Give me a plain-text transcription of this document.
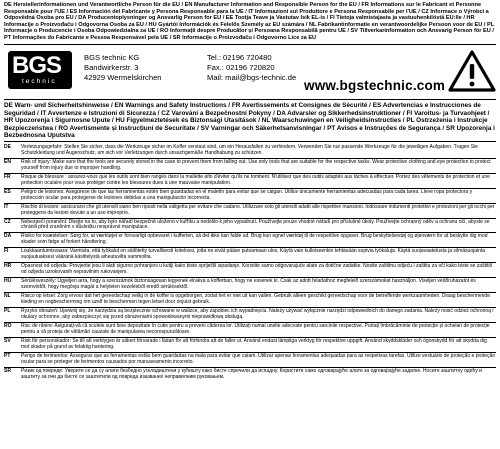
DE Herstellerinformationen und Verantwortliche Person für die EU / EN Manufacturer Information and Responsible Person for the EU / FR Informations sur le Fabricant et Personne Responsable pour l'UE / ES Información del Fabricante y Persona Responsable para la UE / IT Informazioni sul Produttore e Persona Responsabile per l'UE / CZ Informace o Výrobci a Odpovědná Osoba pro EU / DA Producentoplysninger og Ansvarlig Person for EU / EE Tootja Teave ja Vastutav Isik EL-is / FI Tietoja valmistajasta ja vastuuhenkilöstä EU:lle / HR Informacije o Proizvođaču i Odgovorna Osoba za EU / HU Gyártói Információk és Felelős Személy az EU számára / NL Fabrikantinformatie en verantwoordelijke Persoon voor de EU / PL Informacje o Producencie i Osoba Odpowiedzialna za UE / RO Informații despre Producător și Persoana Responsabilă pentru UE / SV Tillverkarinformation och Ansvarig Person för EU / PT Informações do Fabricante e Pessoa Responsável pela UE / SR Informacije o Proizvođaču i Odgovorno Lice za EU
BGS
technic
BGS technic KG
Bandwirkerstr. 3
42929 Wermelskirchen
Tel.: 02196 720480
Fax.: 02196 720820
Mail: mail@bgs-technic.de
www.bgstechnic.com
DE Warn- und Sicherheitshinweise / EN Warnings and Safety Instructions / FR Avertissements et Consignes de Sécurité / ES Advertencias e Instrucciones de Seguridad / IT Avvertenze e Istruzioni di Sicurezza / CZ Varování a Bezpečnostní Pokyny / DA Advarsler og Sikkerhedsinstruktioner / FI Varoitus- ja Turvaohjeet / HR Upozorenja i Sigurnosne Upute / HU Figyelmeztetések és Biztonsági Utasítások / NL Waarschuwingen en Veiligheidsinstructies / PL Ostrzeżenia i Instrukcje Bezpieczeństwa / RO Avertismente și Instrucțiuni de Securitate / SV Varningar och Säkerhetsanvisningar / PT Avisos e Instruções de Segurança / SR Upozorenja i Bezbednosna Uputstva
DE	Verletzungsgefahr: Stellen Sie sicher, dass die Werkzeuge sicher im Koffer verstaut sind, um ein Herausfallen zu verhindern. Verwenden Sie nur passende Werkzeuge für die jeweiligen Aufgaben. Tragen Sie Schutzkleidung und Augenschutz, um sich vor Verletzungen durch unsachgemäße Handhabung zu schützen.
EN	Risk of injury: Make sure that the tools are securely stored in the case to prevent them from falling out. Use only tools that are suitable for the respective tasks. Wear protective clothing and eye protection to protect yourself from injury due to improper handling.
FR	Risque de blessure : assurez-vous que les outils sont bien rangés dans la mallette afin d'éviter qu'ils ne tombent. N'utilisez que des outils adaptés aux tâches à effectuer. Portez des vêtements de protection et une protection oculaire pour vous protéger contre les blessures dues à une mauvaise manipulation.
ES	Peligro de lesiones: Asegúrese de que las herramientas estén bien guardadas en el maletín para evitar que se caigan. Utilice únicamente herramientas adecuadas para cada tarea. Lleve ropa protectora y protección ocular para protegerse de lesiones debidas a una manipulación incorrecta.
IT	Rischio di lesioni: assicurarsi che gli utensili siano ben riposti nella valigetta per evitare che cadano. Utilizzare solo gli utensili adatti alle rispettive mansioni. Indossare indumenti protettivi e protezioni per gli occhi per proteggersi da lesioni dovute a un uso improprio.
CZ	Nebezpečí poranění: Dbejte na to, aby bylo nářadí bezpečně uloženo v kufříku a nedošlo k jeho vypadnutí. Používejte pouze vhodné nářadí pro příslušné úkoly. Používejte ochranný oděv a ochranu očí, abyste se chránili před zraněním v důsledku nesprávné manipulace.
DA	Risiko for kvæstelser: Sørg for, at værktøjet er forsvarligt opbevaret i kufferten, så det ikke kan falde ud. Brug kun egnet værktøj til de respektive opgaver. Brug beskyttelsestøj og øjenværn for at beskytte dig mod skader som følge af forkert håndtering.
FI	Loukkaantumisvaara: Varmista, että työkalut on säilötetty turvallisesti kotelossi, jotta ne eivät pääse putoamaan ulos. Käytä vain kulloiseenkin tehtävään sopivia työkaluja. Käytä suojavaatetusta ja silmäsuojainta suojautuaksesi vääränä käsittelystä aiheutuvilta vammoilta.
HR	Opasnost od ozljeda: Provjerite jesu li alati sigurno pohranjeni u kutiji kako biste spriječili ispadanje. Koristite samo odgovarajuće alate za dotične zadatke. Nosite zaštitnu odjeću i zaštitu za oči kako biste se zaštitili od ozljeda uzrokovanih nepravilnim rukovanjem.
HU	Sérülésveszély: Ügyeljen arra, hogy a szerszámok biztonságosan legyenek elrakva a kofferban, hogy ne essenek ki. Csak az adott feladathoz megfelelő szerszámokat használjon. Viseljen védőruházatot és szemvédőt, hogy megóvja magát a helytelen kezelésből eredő sérülésektől.
NL	Risico op letsel: Zorg ervoor dat het gereedschap veilig in de koffer is opgeborgen, zodat het er niet uit kan vallen. Gebruik alleen geschikt gereedschap voor de betreffende werkzaamheden. Draag beschermende kleding en oogbescherming om uzelf te beschermen tegen letsel door onjuist gebruik.
PL	Ryzyko obrażeń: Upewnij się, że narzędzia są bezpiecznie schowane w walizce, aby zapobiec ich wypadnięciu. Należy używać wyłącznie narzędzi odpowiednich do danego zadania. Należy nosić odzież ochronną i okulary ochronne, aby zabezpieczyć się przed obrażeniami spowodowanymi nieprawidłową obsługą.
RO	Risc de rănire: Asigurați-vă că sculele sunt bine depozitate în cutie pentru a preveni căderea lor. Utilizați numai unelte adecvate pentru sarcinile respective. Purtați îmbrăcăminte de protecție și ochelari de protecție pentru a vă proteja de vătămări cauzate de manipularea necorespunzătoare.
SV	Risk för personskador: Se till att verktygen är säkert förvarade i lådan för att förhindra att de faller ut. Använd endast lämpliga verktyg för respektive uppgift. Använd skyddskläder och ögonskydd för att skydda dig mot skador på grund av felaktig hantering.
PT	Perigo de ferimentos: Assegurar que as ferramentas estão bem guardadas na mala para evitar que caiam. Utilizar apenas ferramentas adequadas para as respetivas tarefas. Utilize vestuário de proteção e proteção ocular para se proteger de ferimentos causados por manuseamento incorreto.
SR	Ризик од повреде: Уверите се да су алати безбедно ускладиштени у кућишту како бисте спречили да испадну. Користите само одговарајуће алате за одговарајуће задатке. Носите заштитну одећу и заштиту за очи да бисте се заштитили од повреда изазваних неправилним руковањем.
